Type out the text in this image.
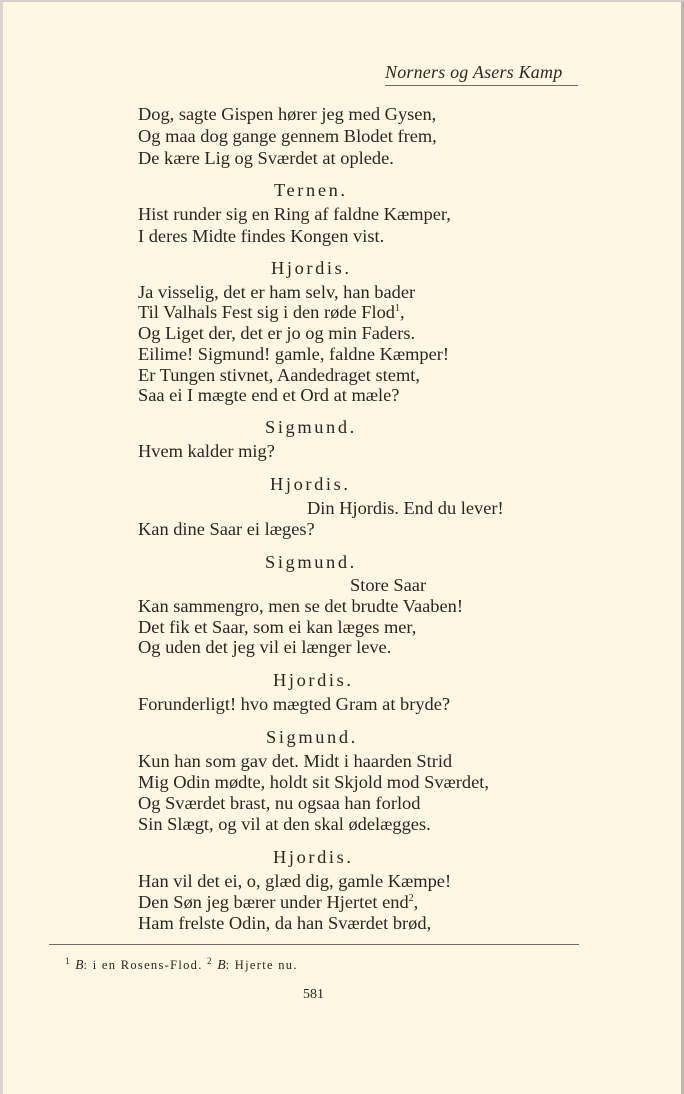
Norners og Asers Kamp
Dog, sagte Gispen hører jeg med Gysen,
Og maa dog gange gennem Blodet frem,
De kære Lig og Sværdet at oplede.
Ternen.
Hist runder sig en Ring af faldne Kæmper,
I deres Midte findes Kongen vist.
Hjordis.
Ja visselig, det er ham selv, han bader
Til Valhals Fest sig i den røde Flod$^1$,
Og Liget der, det er jo og min Faders.
Eilime! Sigmund! gamle, faldne Kæmper!
Er Tungen stivnet, Aandedraget stemt,
Saa ei I mægte end et Ord at mæle?
Sigmund.
Hvem kalder mig?
Hjordis.
Din Hjordis. End du lever!
Kan dine Saar ei læges?
Sigmund.
Store Saar
Kan sammengro, men se det brudte Vaaben!
Det fik et Saar, som ei kan læges mer,
Og uden det jeg vil ei længer leve.
Hjordis.
Forunderligt! hvo mægted Gram at bryde?
Sigmund.
Kun han som gav det. Midt i haarden Strid
Mig Odin mødte, holdt sit Skjold mod Sværdet,
Og Sværdet brast, nu ogsaa han forlod
Sin Slægt, og vil at den skal ødelægges.
Hjordis.
Han vil det ei, o, glæd dig, gamle Kæmpe!
Den Søn jeg bærer under Hjertet end$^2$,
Ham frelste Odin, da han Sværdet brød,
$^1$ B: i en Rosens-Flod. $^2$ B: Hjerte nu.
581
